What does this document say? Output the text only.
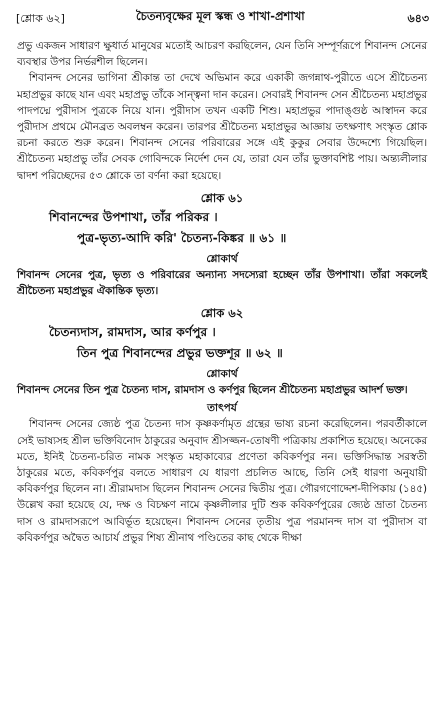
[শ্লোক ৬২]	চৈতন্যবৃক্ষের মূল স্কন্ধ ও শাখা-প্রশাখা	৬৪৩

প্রভু একজন সাধারণ ক্ষুধার্ত মানুষের মতোই আচরণ করছিলেন, যেন তিনি সম্পূর্ণরূপে শিবানন্দ সেনের ব্যবস্থার উপর নির্ভরশীল ছিলেন।

শিবানন্দ সেনের ভাগিনা শ্রীকান্ত তা দেখে অভিমান করে একাকী জগন্নাথ-পুরীতে এসে শ্রীচৈতন্য মহাপ্রভুর কাছে যান এবং মহাপ্রভু তাঁকে সান্ত্বনা দান করেন। সেবারই শিবানন্দ সেন শ্রীচৈতন্য মহাপ্রভুর পাদপদ্মে পুরীদাস পুত্রকে নিয়ে যান। পুরীদাস তখন একটি শিশু। মহাপ্রভুর পাদাঙ্গুষ্ঠ আস্বাদন করে পুরীদাস প্রথমে মৌনব্রত অবলম্বন করেন। তারপর শ্রীচৈতন্য মহাপ্রভুর আজ্ঞায় তৎক্ষণাৎ সংস্কৃত শ্লোক রচনা করতে শুরু করেন। শিবানন্দ সেনের পরিবারের সঙ্গে এই কুকুর সেবার উদ্দেশ্যে গিয়েছিল। শ্রীচৈতন্য মহাপ্রভু তাঁর সেবক গোবিন্দকে নির্দেশ দেন যে, তারা যেন তাঁর ভুক্তাবশিষ্ট পায়। অন্ত্যলীলার দ্বাদশ পরিচ্ছেদের ৫৩ শ্লোকে তা বর্ণনা করা হয়েছে।

শ্লোক ৬১
শিবানন্দের উপশাখা, তাঁর পরিকর ।
পুত্র-ভৃত্য-আদি করি' চৈতন্য-কিঙ্কর ॥ ৬১ ॥
শ্লোকার্থ

শিবানন্দ সেনের পুত্র, ভৃত্য ও পরিবারের অন্যান্য সদস্যেরা হচ্ছেন তাঁর উপশাখা। তাঁরা সকলেই শ্রীচৈতন্য মহাপ্রভুর ঐকান্তিক ভৃত্য।

শ্লোক ৬২
চৈতন্যদাস, রামদাস, আর কর্ণপুর ।
তিন পুত্র শিবানন্দের প্রভুর ভক্তশূর ॥ ৬২ ॥
শ্লোকার্থ

শিবানন্দ সেনের তিন পুত্র চৈতন্য দাস, রামদাস ও কর্ণপুর ছিলেন শ্রীচৈতন্য মহাপ্রভুর আদর্শ ভক্ত।

তাৎপর্য

শিবানন্দ সেনের জ্যেষ্ঠ পুত্র চৈতন্য দাস কৃষ্ণকর্ণামৃত গ্রন্থের ভাষ্য রচনা করেছিলেন। পরবর্তীকালে সেই ভাষ্যসহ শ্রীল ভক্তিবিনোদ ঠাকুরের অনুবাদ শ্রীসজ্জন-তোষণী পত্রিকায় প্রকাশিত হয়েছে। অনেকের মতে, ইনিই চৈতন্য-চরিত নামক সংস্কৃত মহাকাব্যের প্রণেতা কবিকর্ণপুর নন। ভক্তিসিদ্ধান্ত সরস্বতী ঠাকুরের মতে, কবিকর্ণপুর বলতে সাধারণ যে ধারণা প্রচলিত আছে, তিনি সেই ধারণা অনুযায়ী কবিকর্ণপুর ছিলেন না। শ্রীরামদাস ছিলেন শিবানন্দ সেনের দ্বিতীয় পুত্র। গৌরগণোদ্দেশ-দীপিকায় (১৪৫) উল্লেখ করা হয়েছে যে, দক্ষ ও বিচক্ষণ নামে কৃষ্ণলীলার দুটি শুক কবিকর্ণপুরের জ্যেষ্ঠ ভ্রাতা চৈতন্য দাস ও রামদাসরূপে আবির্ভূত হয়েছেন। শিবানন্দ সেনের তৃতীয় পুত্র পরমানন্দ দাস বা পুরীদাস বা কবিকর্ণপুর অদ্বৈত আচার্য প্রভুর শিষ্য শ্রীনাথ পণ্ডিতের কাছ থেকে দীক্ষা
